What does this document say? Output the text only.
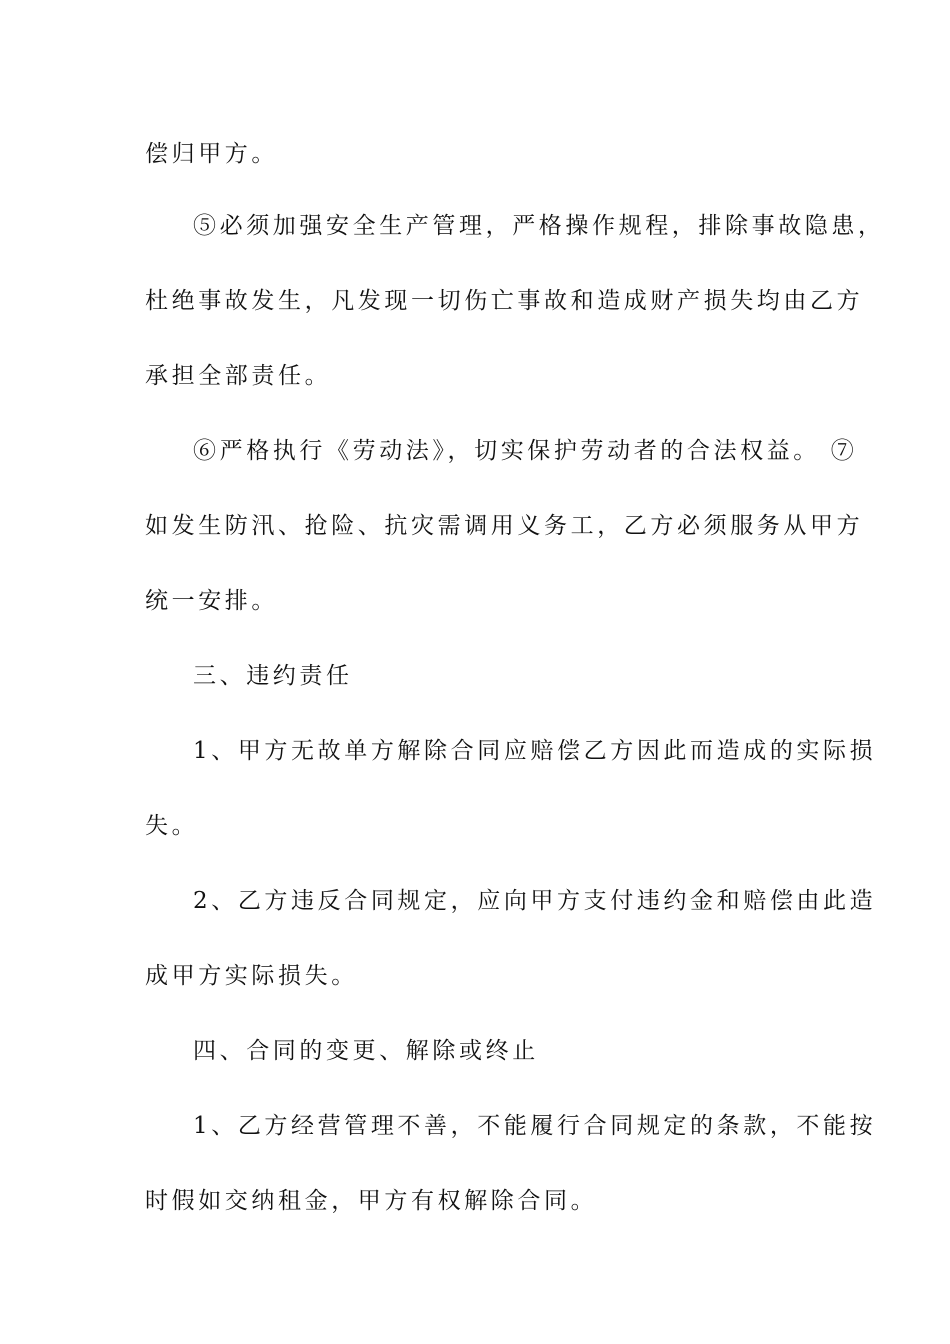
偿归甲方。
⑤必须加强安全生产管理，严格操作规程，排除事故隐患，
杜绝事故发生，凡发现一切伤亡事故和造成财产损失均由乙方
承担全部责任。
⑥严格执行《劳动法》，切实保护劳动者的合法权益。 ⑦
如发生防汛、抢险、抗灾需调用义务工，乙方必须服务从甲方
统一安排。
三、违约责任
1、甲方无故单方解除合同应赔偿乙方因此而造成的实际损
失。
2、乙方违反合同规定，应向甲方支付违约金和赔偿由此造
成甲方实际损失。
四、合同的变更、解除或终止
1、乙方经营管理不善，不能履行合同规定的条款，不能按
时假如交纳租金，甲方有权解除合同。
